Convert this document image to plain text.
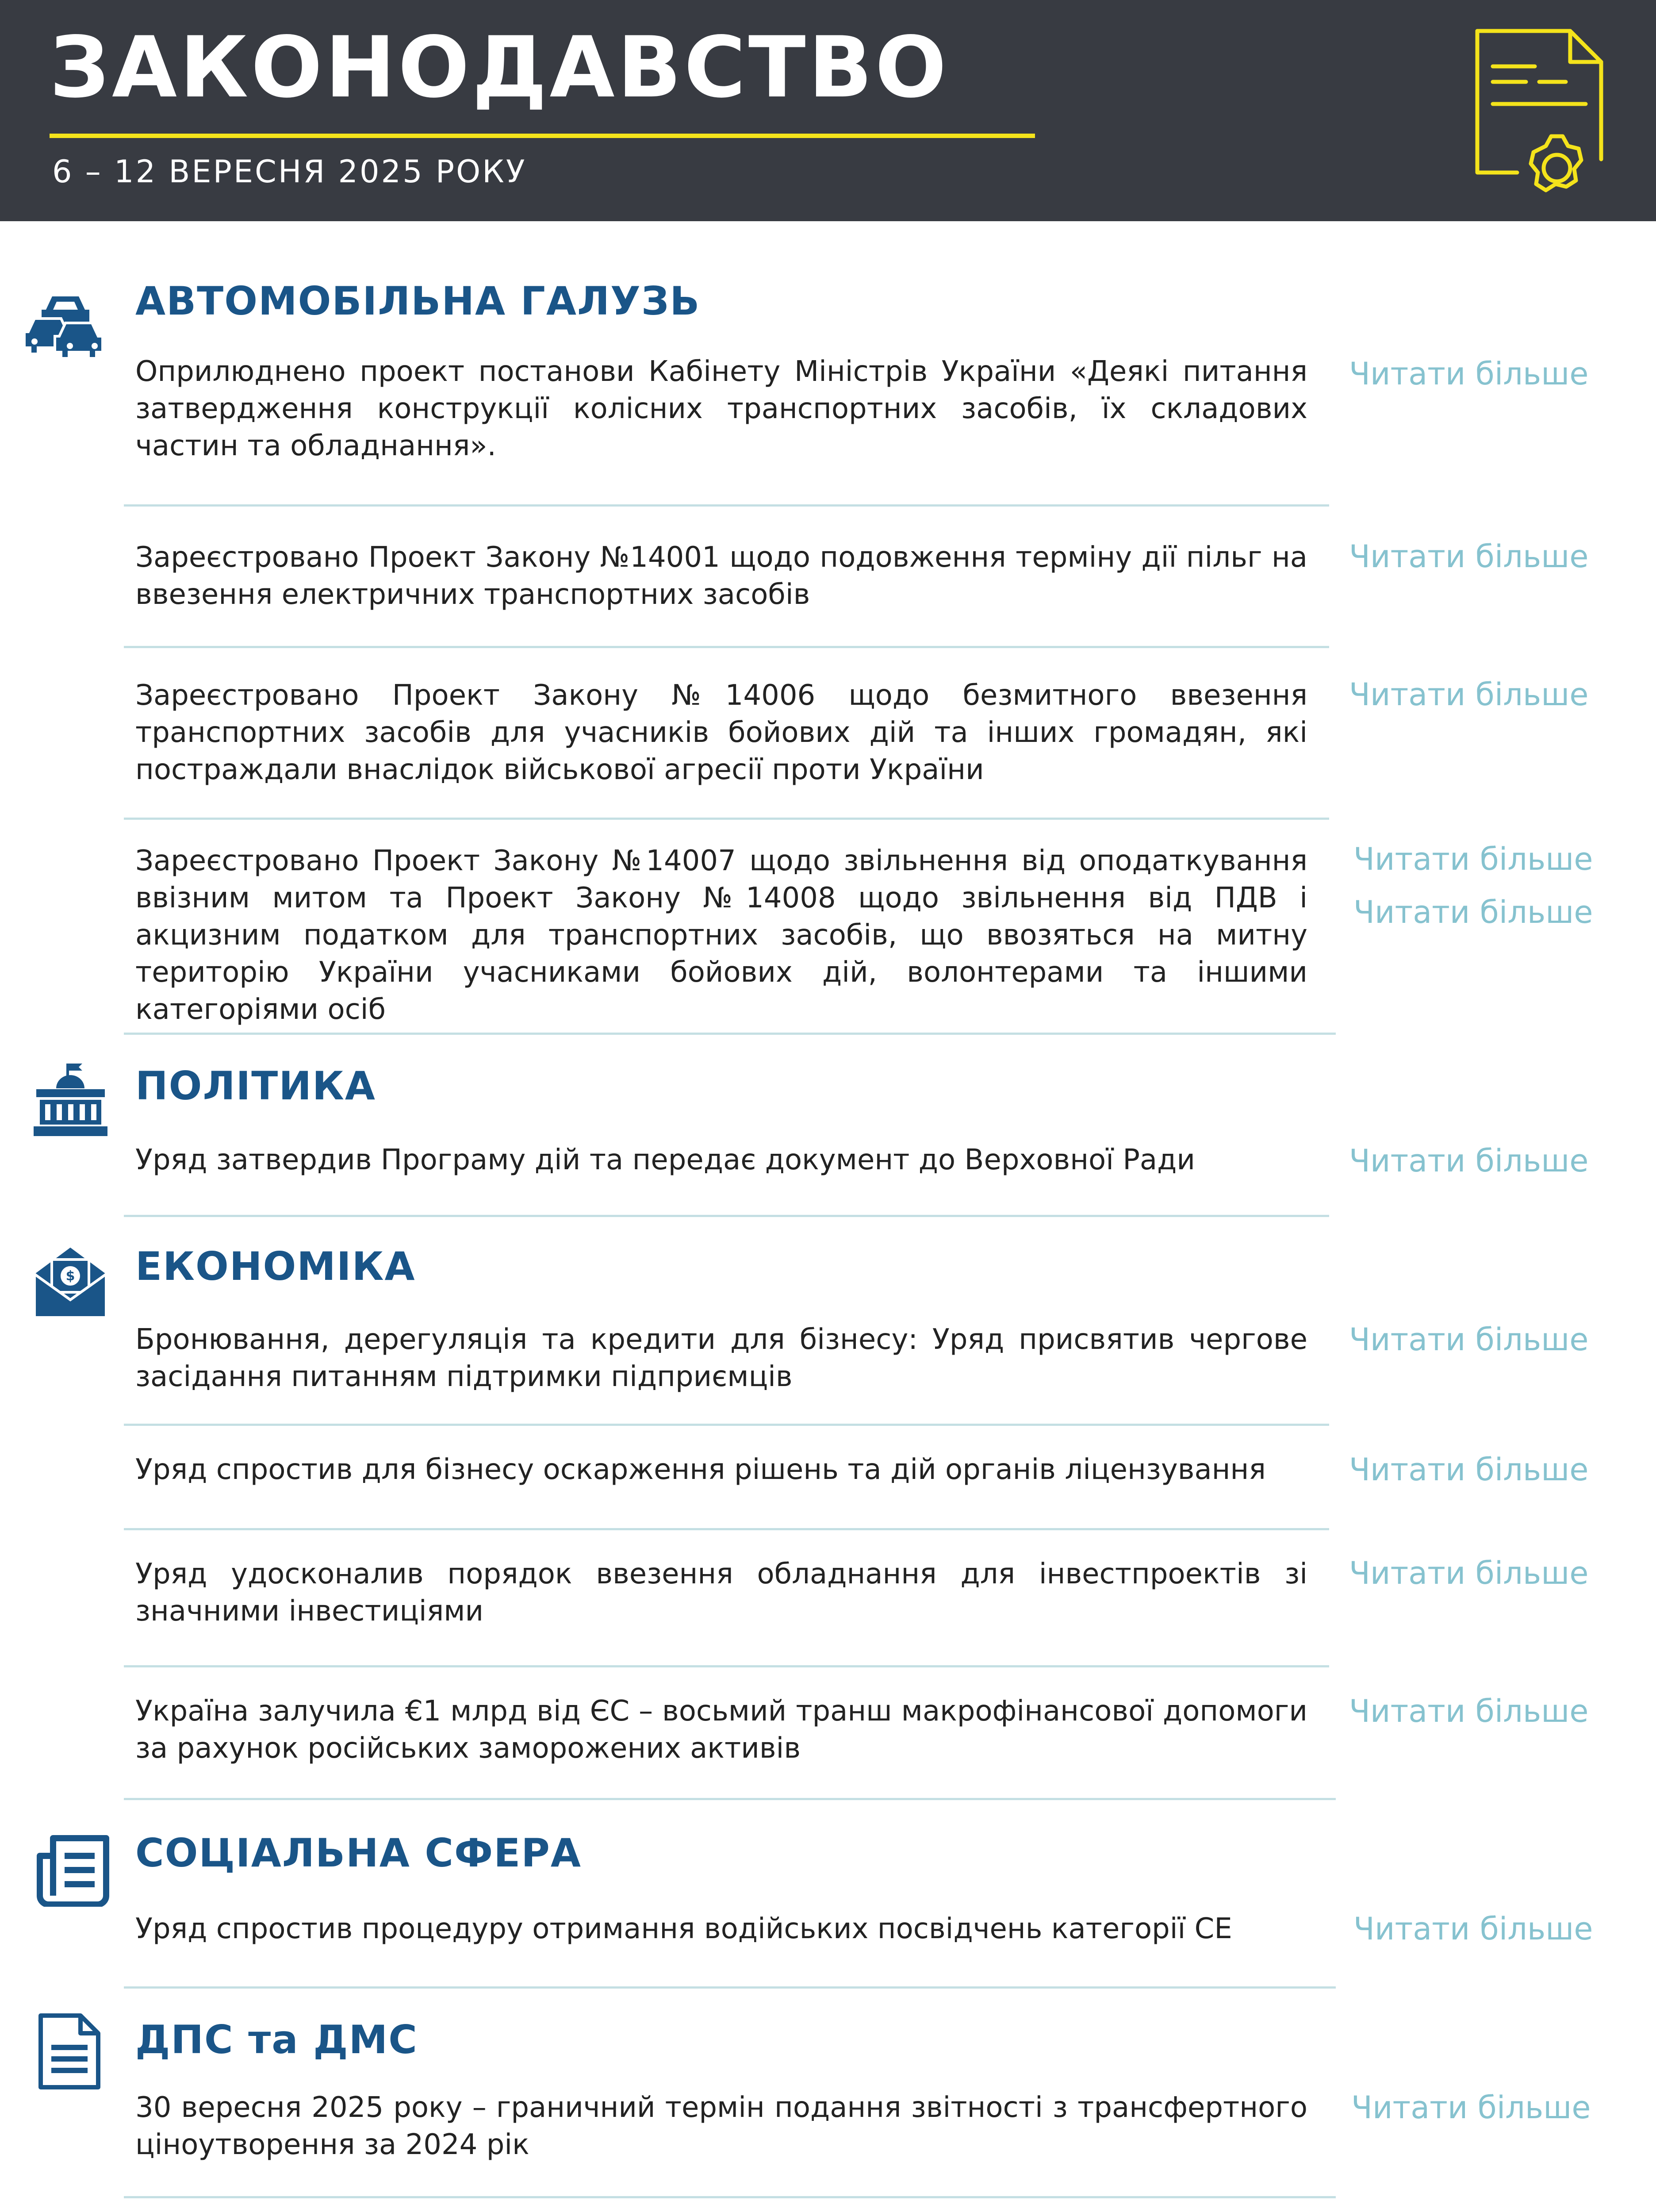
ЗАКОНОДАВСТВО
6 – 12 ВЕРЕСНЯ 2025 РОКУ
АВТОМОБІЛЬНА ГАЛУЗЬ
Оприлюднено проект постанови Кабінету Міністрів України «Деякі питання затвердження конструкції колісних транспортних засобів, їх складових частин та обладнання».
Читати більше
Зареєстровано Проект Закону №14001 щодо подовження терміну дії пільг на ввезення електричних транспортних засобів
Читати більше
Зареєстровано Проект Закону №14006 щодо безмитного ввезення транспортних засобів для учасників бойових дій та інших громадян, які постраждали внаслідок військової агресії проти України
Читати більше
Зареєстровано Проект Закону №14007 щодо звільнення від оподаткування ввізним митом та Проект Закону №14008 щодо звільнення від ПДВ і акцизним податком для транспортних засобів, що ввозяться на митну територію України учасниками бойових дій, волонтерами та іншими категоріями осіб
Читати більше
Читати більше
ПОЛІТИКА
Уряд затвердив Програму дій та передає документ до Верховної Ради	Читати більше
$ ЕКОНОМІКА
Бронювання, дерегуляція та кредити для бізнесу: Уряд присвятив чергове засідання питанням підтримки підприємців
Читати більше
Уряд спростив для бізнесу оскарження рішень та дій органів ліцензування	Читати більше
Уряд удосконалив порядок ввезення обладнання для інвестпроектів зі значними інвестиціями
Читати більше
Україна залучила €1 млрд від ЄС – восьмий транш макрофінансової допомоги за рахунок російських заморожених активів
Читати більше
СОЦІАЛЬНА СФЕРА
Уряд спростив процедуру отримання водійських посвідчень категорії СЕ	Читати більше
ДПС та ДМС
30 вересня 2025 року – граничний термін подання звітності з трансфертного ціноутворення за 2024 рік
Читати більше
